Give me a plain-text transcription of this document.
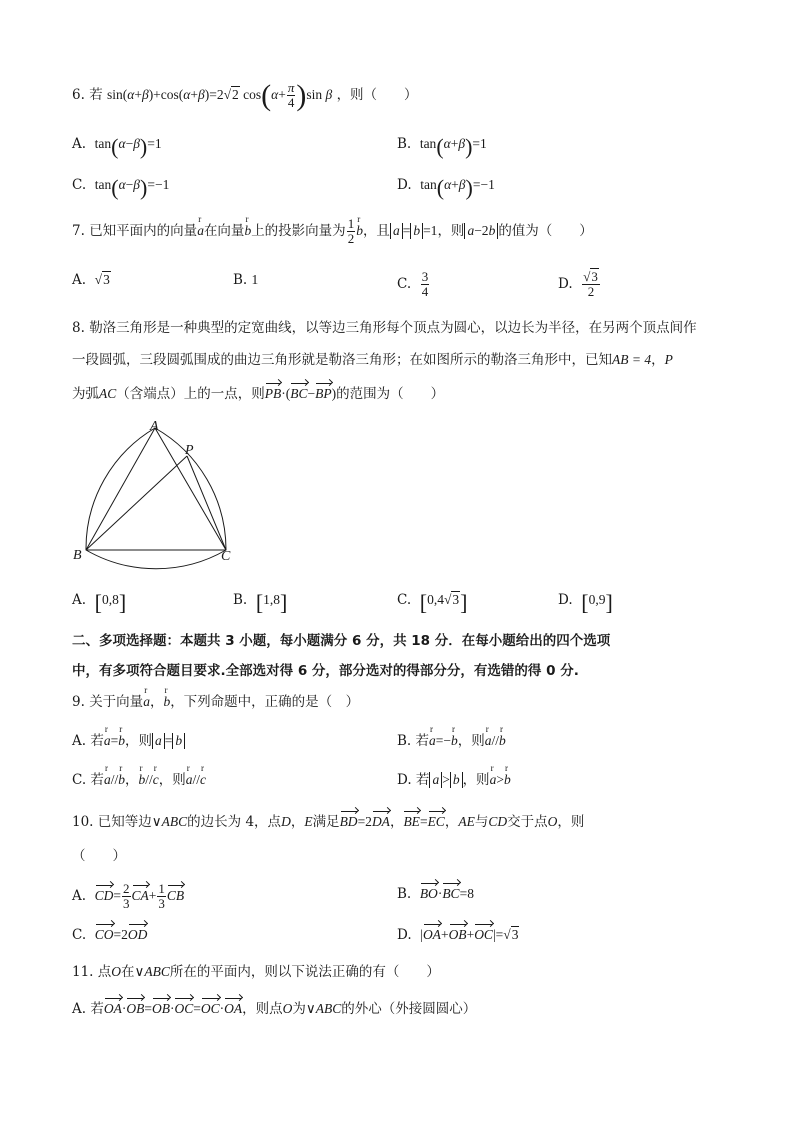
6. 若 sin(α+β)+cos(α+β)=2√2 $\cos(\alpha+ \frac{\pi}{4} )\sin$ β ，则（　　）
A. tan(α−β)=1	B. tan(α+β)=1
C. tan(α−β)=−1	D. tan(α+β)=−1
7. 已知平面内的向量a r在向量b r上的投影向量为 $\frac{1}{2}$ b r，且 a = b =1，则 a−2b 的值为（　　）
A. √3	B. 1	C. $\frac{3}{4}$	D. $\frac{√3}{2}$
8. 勒洛三角形是一种典型的定宽曲线，以等边三角形每个顶点为圆心，以边长为半径，在另两个顶点间作
一段圆弧，三段圆弧围成的曲边三角形就是勒洛三角形；在如图所示的勒洛三角形中，已知AB = 4，P
为弧AC（含端点）上的一点，则PB·(BC−BP)的范围为（　　）
A
P
B	C
A. [0,8]	B. [1,8]	C. [0,4√3]	D. [0,9]
二、多项选择题：本题共 3 小题，每小题满分 6 分，共 18 分．在每小题给出的四个选项
中，有多项符合题目要求.全部选对得 6 分，部分选对的得部分分，有选错的得 0 分.
9. 关于向量a r，b r，下列命题中，正确的是（　）
A. 若a r=b r，则 a = b	B. 若a r=−b r，则a r//b r
C. 若a r//b r，b r//c r，则a r//c r	D. 若 a > b ，则a r>b r
10. 已知等边∨ABC的边长为 4，点D，E满足BD=2DA，BE=EC，AE与CD交于点O，则
（　　）
A. $CD= \frac{2}{3} CA+ \frac{1}{3}$ CB	B. BO·BC=8
C. CO=2OD	D. |OA+OB+OC|=√3
11. 点O在∨ABC所在的平面内，则以下说法正确的有（　　）
A. 若OA·OB=OB·OC=OC·OA，则点O为∨ABC的外心（外接圆圆心）
